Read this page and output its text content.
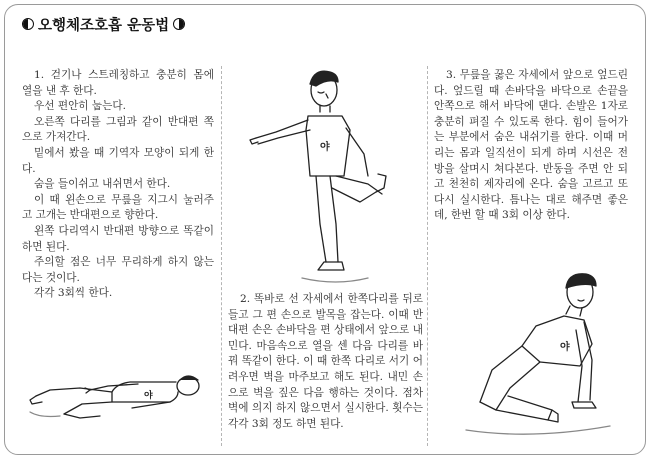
오행체조호흡 운동법

1. 걷기나 스트레칭하고 충분히 몸에 열을 낸 후 한다.

우선 편안히 눕는다.

오른쪽 다리를 그림과 같이 반대편 쪽으로 가져간다.

밑에서 봤을 때 기역자 모양이 되게 한다.

숨을 들이쉬고 내쉬면서 한다.

이 때 왼손으로 무릎을 지그시 눌러주고 고개는 반대편으로 향한다.

왼쪽 다리역시 반대편 방향으로 똑같이 하면 된다.

주의할 점은 너무 무리하게 하지 않는 다는 것이다.

각각 3회씩 한다.	2. 똑바로 선 자세에서 한쪽다리를 뒤로 들고 그 편 손으로 발목을 잡는다. 이때 반대편 손은 손바닥을 편 상태에서 앞으로 내민다. 마음속으로 열을 센 다음 다리를 바꿔 똑같이 한다. 이 때 한쪽 다리로 서기 어려우면 벽을 마주보고 해도 된다. 내민 손으로 벽을 짚은 다음 행하는 것이다. 점차 벽에 의지 하지 않으면서 실시한다. 횟수는 각각 3회 정도 하면 된다.

3. 무릎을 꿇은 자세에서 앞으로 엎드린다. 엎드릴 때 손바닥을 바닥으로 손끝을 안쪽으로 해서 바닥에 댄다. 손발은 1자로 충분히 펴질 수 있도록 한다. 힘이 들어가는 부분에서 숨은 내쉬기를 한다. 이때 머리는 몸과 일직선이 되게 하며 시선은 전방을 살며시 쳐다본다. 반동을 주면 안 되고 천천히 제자리에 온다. 숨을 고르고 또다시 실시한다. 틈나는 대로 해주면 좋은데, 한번 할 때 3회 이상 한다.

야
야
야
